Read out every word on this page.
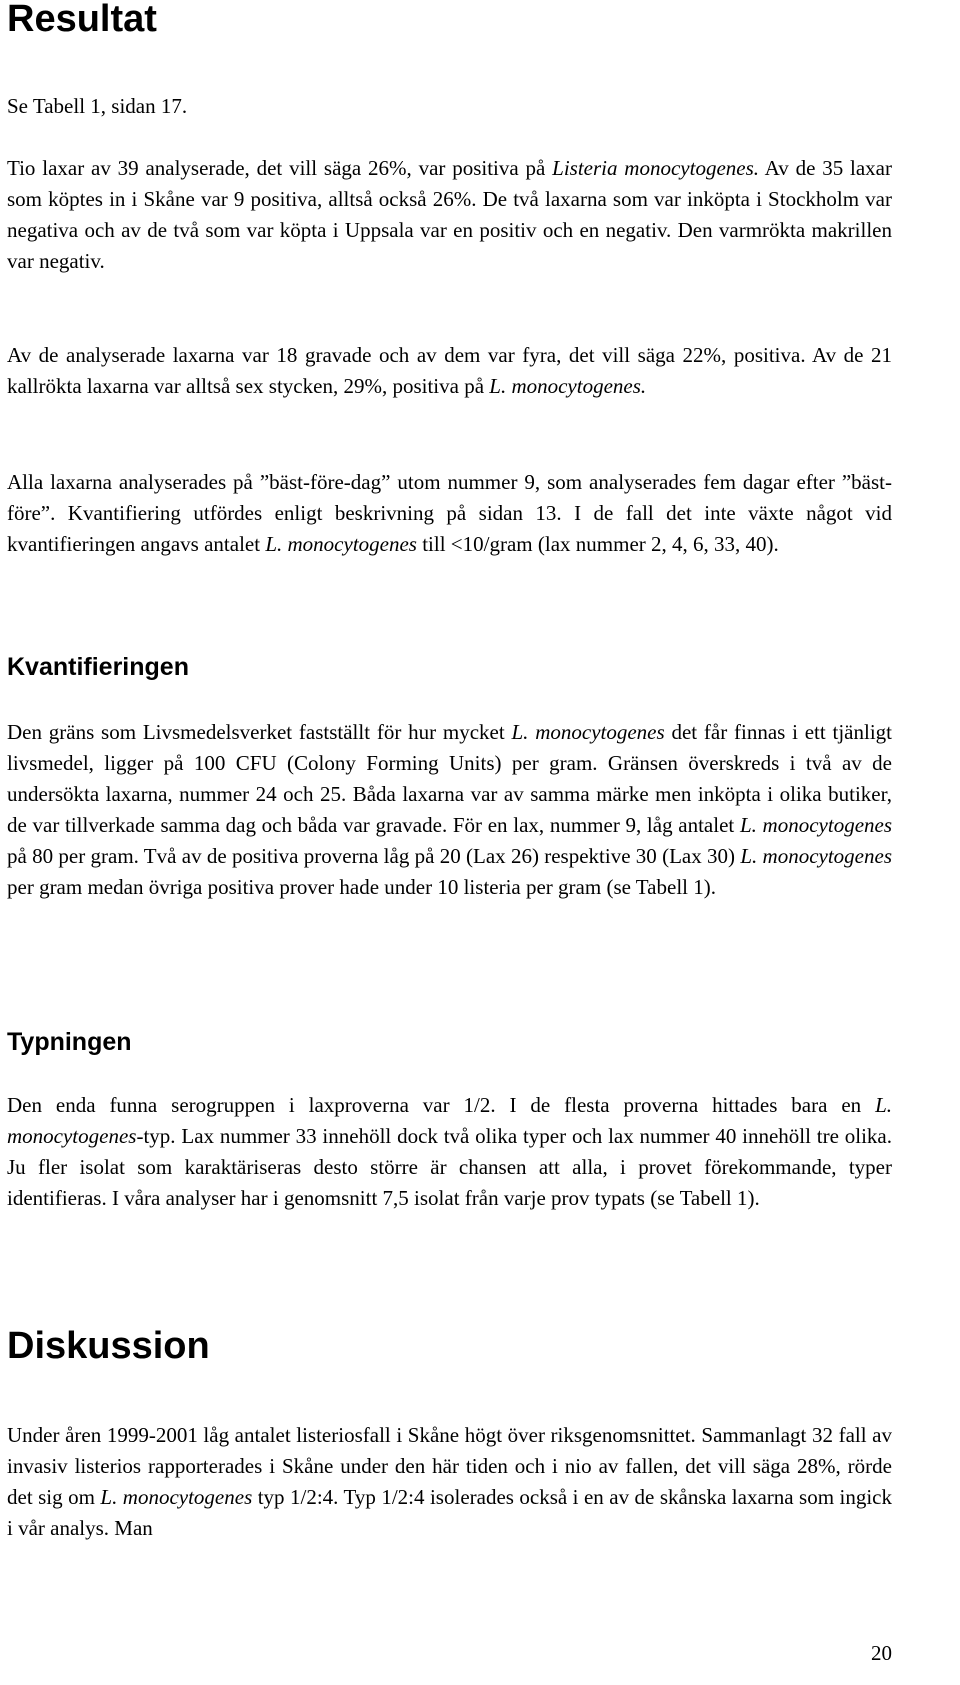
Resultat

Se Tabell 1, sidan 17.

Tio laxar av 39 analyserade, det vill säga 26%, var positiva på Listeria monocytogenes. Av de 35 laxar som köptes in i Skåne var 9 positiva, alltså också 26%. De två laxarna som var inköpta i Stockholm var negativa och av de två som var köpta i Uppsala var en positiv och en negativ. Den varmrökta makrillen var negativ.

Av de analyserade laxarna var 18 gravade och av dem var fyra, det vill säga 22%, positiva. Av de 21 kallrökta laxarna var alltså sex stycken, 29%, positiva på L. monocytogenes.

Alla laxarna analyserades på ”bäst-före-dag” utom nummer 9, som analyserades fem dagar efter ”bäst-före”. Kvantifiering utfördes enligt beskrivning på sidan 13. I de fall det inte växte något vid kvantifieringen angavs antalet L. monocytogenes till <10/gram (lax nummer 2, 4, 6, 33, 40).

Kvantifieringen

Den gräns som Livsmedelsverket fastställt för hur mycket L. monocytogenes det får finnas i ett tjänligt livsmedel, ligger på 100 CFU (Colony Forming Units) per gram. Gränsen överskreds i två av de undersökta laxarna, nummer 24 och 25. Båda laxarna var av samma märke men inköpta i olika butiker, de var tillverkade samma dag och båda var gravade. För en lax, nummer 9, låg antalet L. monocytogenes på 80 per gram. Två av de positiva proverna låg på 20 (Lax 26) respektive 30 (Lax 30) L. monocytogenes per gram medan övriga positiva prover hade under 10 listeria per gram (se Tabell 1).

Typningen

Den enda funna serogruppen i laxproverna var 1/2. I de flesta proverna hittades bara en L. monocytogenes-typ. Lax nummer 33 innehöll dock två olika typer och lax nummer 40 innehöll tre olika. Ju fler isolat som karaktäriseras desto större är chansen att alla, i provet förekommande, typer identifieras. I våra analyser har i genomsnitt 7,5 isolat från varje prov typats (se Tabell 1).

Diskussion

Under åren 1999-2001 låg antalet listeriosfall i Skåne högt över riksgenomsnittet. Sammanlagt 32 fall av invasiv listerios rapporterades i Skåne under den här tiden och i nio av fallen, det vill säga 28%, rörde det sig om L. monocytogenes typ 1/2:4. Typ 1/2:4 isolerades också i en av de skånska laxarna som ingick i vår analys. Man

20
